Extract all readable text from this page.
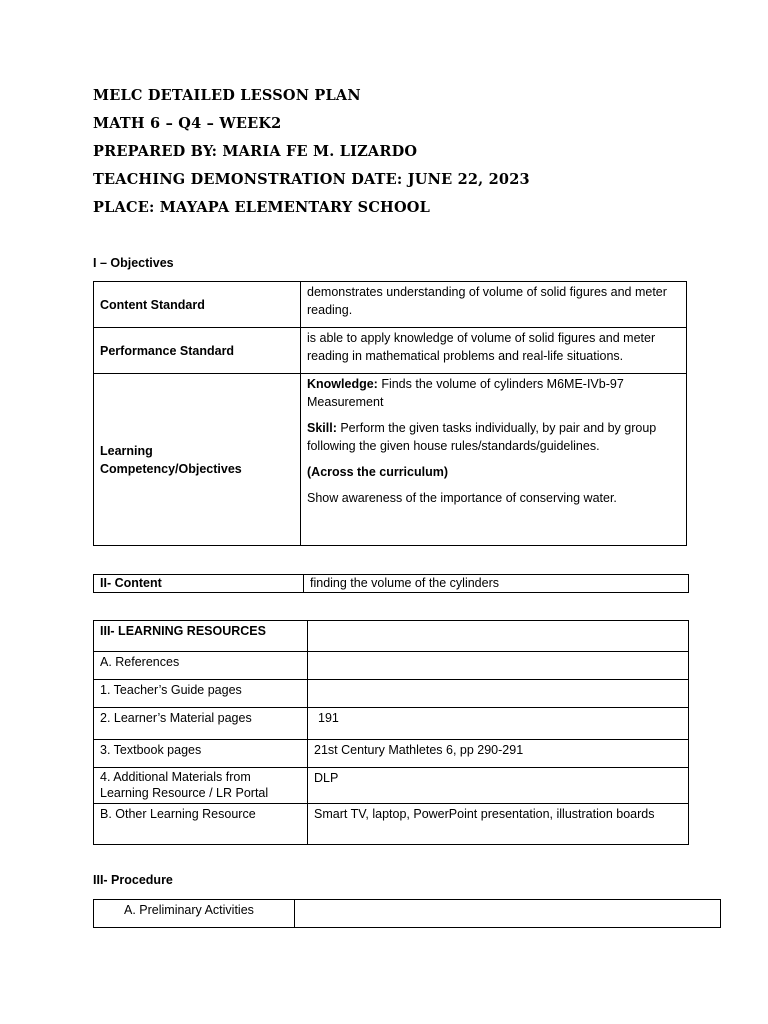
MELC DETAILED LESSON PLAN
MATH 6 – Q4 – WEEK2
PREPARED BY: MARIA FE M. LIZARDO
TEACHING DEMONSTRATION DATE: JUNE 22, 2023
PLACE: MAYAPA ELEMENTARY SCHOOL
I – Objectives
Content Standard	demonstrates understanding of volume of solid figures and meter reading.
Performance Standard	is able to apply knowledge of volume of solid figures and meter reading in mathematical problems and real-life situations.
Learning Competency/Objectives	Knowledge: Finds the volume of cylinders M6ME-IVb-97 Measurement

Skill: Perform the given tasks individually, by pair and by group following the given house rules/standards/guidelines.

(Across the curriculum)

Show awareness of the importance of conserving water.

II- Content	finding the volume of the cylinders
III- LEARNING RESOURCES	
A. References	
1. Teacher’s Guide pages	
2. Learner’s Material pages	191
3. Textbook pages	21st Century Mathletes 6, pp 290-291
4. Additional Materials from Learning Resource / LR Portal	DLP
B. Other Learning Resource	Smart TV, laptop, PowerPoint presentation, illustration boards
III- Procedure
A. Preliminary Activities	
